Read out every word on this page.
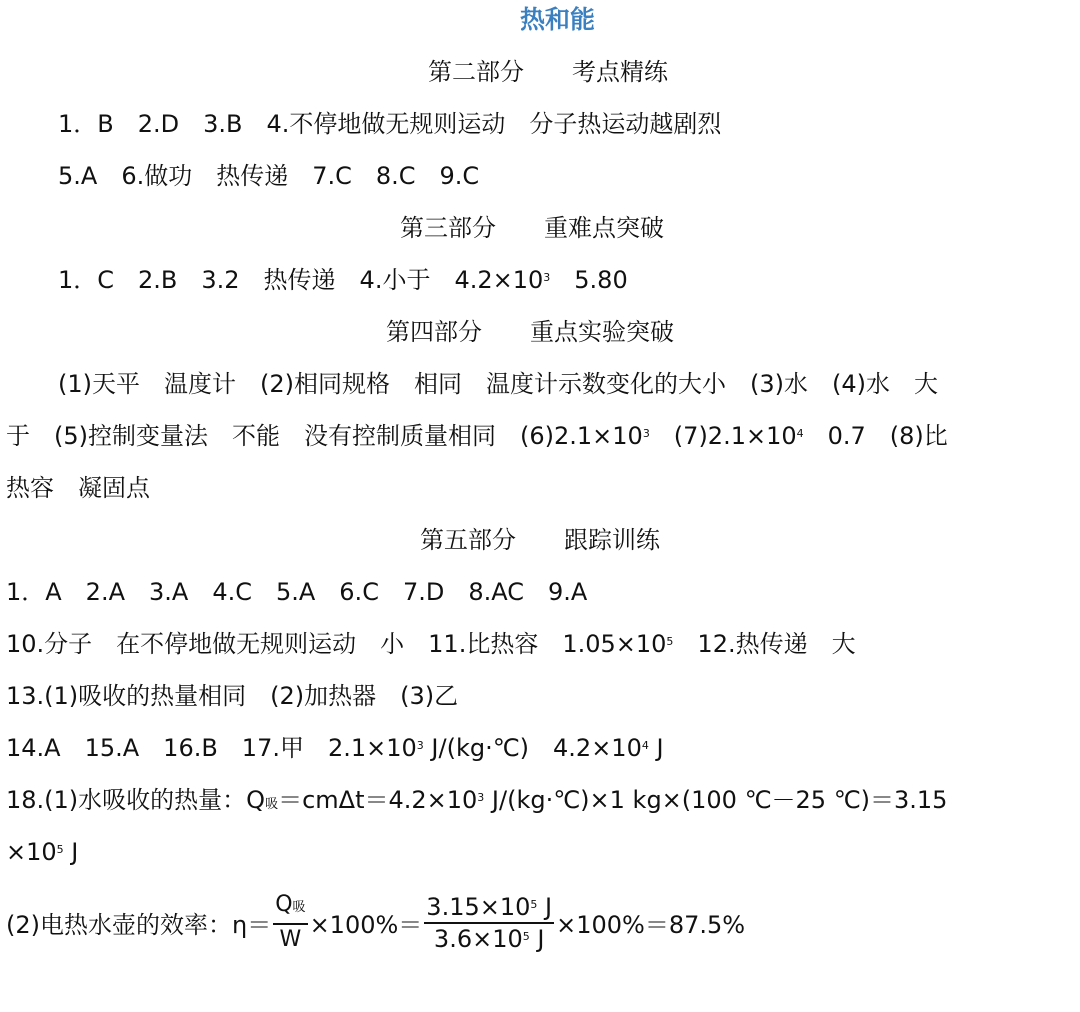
热和能
第二部分　　考点精练
1．B　2.D　3.B　4.不停地做无规则运动　分子热运动越剧烈
5.A　6.做功　热传递　7.C　8.C　9.C
第三部分　　重难点突破
1．C　2.B　3.2　热传递　4.小于　$4.2\times 10^3$　5.80
第四部分　　重点实验突破
(1)天平　温度计　(2)相同规格　相同　温度计示数变化的大小　(3)水　(4)水　大
于　(5)控制变量法　不能　没有控制质量相同　$(6)2.1\times 10^3$　$(7)2.1\times 10^4$　0.7　(8)比
热容　凝固点
第五部分　　跟踪训练
1．A　2.A　3.A　4.C　5.A　6.C　7.D　8.AC　9.A
10.分子　在不停地做无规则运动　小　11.比热容　$1.05\times 10^5$　12.热传递　大
13.(1)吸收的热量相同　(2)加热器　(3)乙
14.A　15.A　16.B　17.甲　$2.1\times 10^3$ J/(kg·℃)　$4.2\times 10^4$ J
18.(1)水吸收的热量：Q吸$=cm\Delta t=4.2\times 10^3$ J/(kg·℃)×1 kg×(100 ℃－25 ℃)＝3.15
$\times 10^5$ J
(2)电热水壶的效率：$\eta= \frac{\text{Q吸}}{W} \times 100\%= \frac{3.15\times 10^5 J}{3.6\times 10^5 J} \times 100\%=87.5\%$
